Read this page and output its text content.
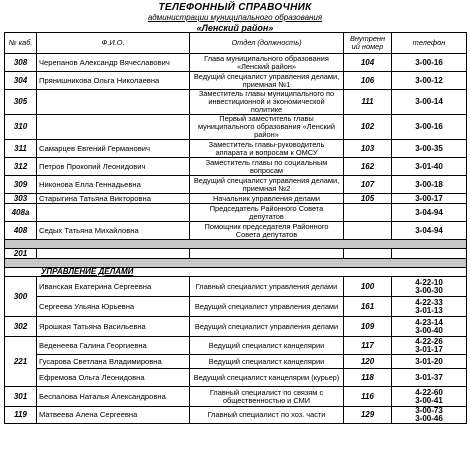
ТЕЛЕФОННЫЙ СПРАВОЧНИК
администрации муниципального образования
«Ленский район»
№ каб.	Ф.И.О.	Отдел (должность)	Внутренн ий номер	телефон
308	Черепанов Александр Вячеславович	Глава муниципального образования «Ленский район»	104	3-00-16
304	Прянишникова Ольга Николаевна	Ведущий специалист управления делами, приемная №1	106	3-00-12
305		Заместитель главы муниципального по инвестиционной и экономической политике	111	3-00-14
310		Первый заместитель главы муниципального образования «Ленский район»	102	3-00-16
311	Самарцев Евгений Германович	Заместитель главы-руководитель аппарата и вопросам к ОМСУ	103	3-00-35
312	Петров Прокопий Леонидович	Заместитель главы по социальным вопросам	162	3-01-40
309	Никонова Елла Геннадьевна	Ведущий специалист управления делами, приемная №2	107	3-00-18
303	Старыгина Татьяна Викторовна	Начальник управления делами	105	3-00-17
408а		Председатель Районного Совета депутатов		3-04-94
408	Седых Татьяна Михайловна	Помощник председателя Районного Совета депутатов		3-04-94

201				

УПРАВЛЕНИЕ ДЕЛАМИ				
300	Иванская Екатерина Сергеевна	Главный специалист управления делами	100	4-22-10
3-00-30

	Сергеева Ульяна Юрьевна	Ведущий специалист управления делами	161	4-22-33
3-01-13

302	Ярошкая Татьяна Васильевна	Ведущий специалист управления делами	109	4-23-14
3-00-40

221	Веденеева Галина Георгиевна	Ведущий специалист канцелярии	117	4-22-26
3-01-17

	Гусарова Светлана Владимировна	Ведущий специалист канцелярии	120	3-01-20

	Ефремова Ольга Леонидовна	Ведущий специалист канцелярии (курьер)	118	3-01-37

301	Беспалова Наталья Александровна	Главный специалист по связям с общественностью и СМИ	116	4-22-60
3-00-41

119	Матвеева Алена Сергеевна	Главный специалист по хоз. части	129	3-00-73
3-00-46
